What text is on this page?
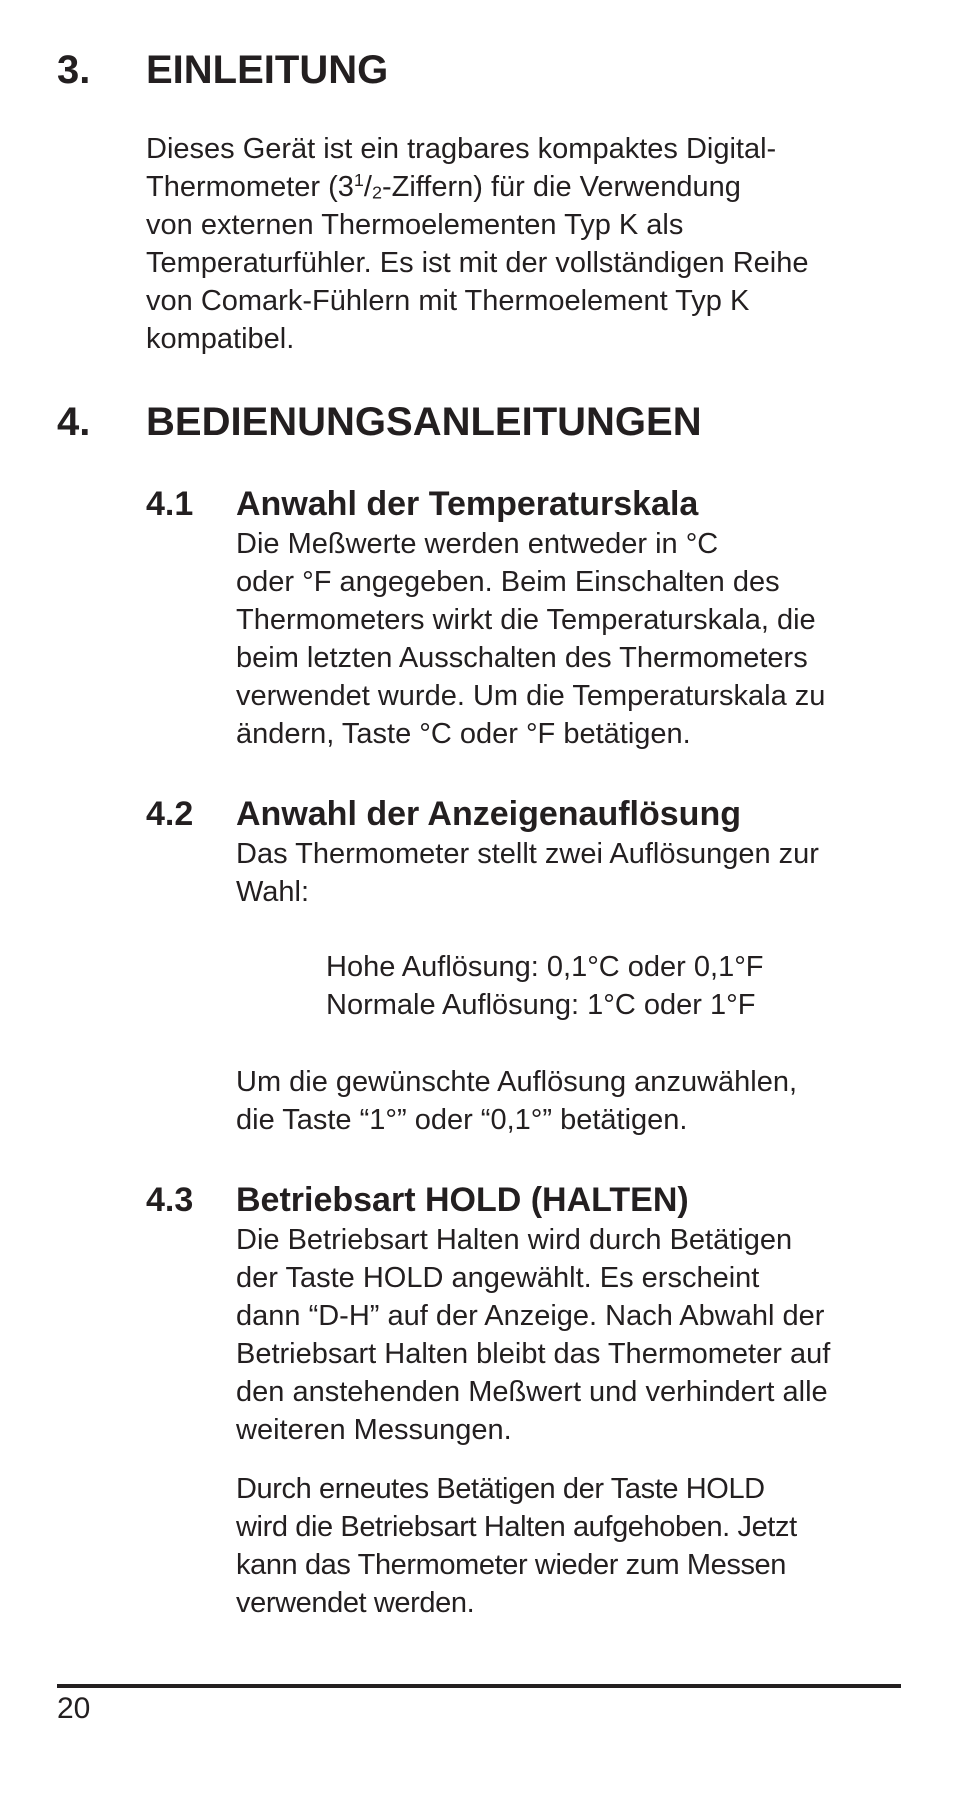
3. EINLEITUNG
Dieses Gerät ist ein tragbares kompaktes Digital-
Thermometer $(3^1/_2-Ziffern)$ für die Verwendung
von externen Thermoelementen Typ K als
Temperaturfühler. Es ist mit der vollständigen Reihe
von Comark-Fühlern mit Thermoelement Typ K
kompatibel.
4. BEDIENUNGSANLEITUNGEN
4.1 Anwahl der Temperaturskala
Die Meßwerte werden entweder in °C
oder °F angegeben. Beim Einschalten des
Thermometers wirkt die Temperaturskala, die
beim letzten Ausschalten des Thermometers
verwendet wurde. Um die Temperaturskala zu
ändern, Taste °C oder °F betätigen.
4.2 Anwahl der Anzeigenauflösung
Das Thermometer stellt zwei Auflösungen zur
Wahl:
Hohe Auflösung: 0,1°C oder 0,1°F
Normale Auflösung: 1°C oder 1°F
Um die gewünschte Auflösung anzuwählen,
die Taste “1°” oder “0,1°” betätigen.
4.3 Betriebsart HOLD (HALTEN)
Die Betriebsart Halten wird durch Betätigen
der Taste HOLD angewählt. Es erscheint
dann “D-H” auf der Anzeige. Nach Abwahl der
Betriebsart Halten bleibt das Thermometer auf
den anstehenden Meßwert und verhindert alle
weiteren Messungen.
Durch erneutes Betätigen der Taste HOLD
wird die Betriebsart Halten aufgehoben. Jetzt
kann das Thermometer wieder zum Messen
verwendet werden.
20
